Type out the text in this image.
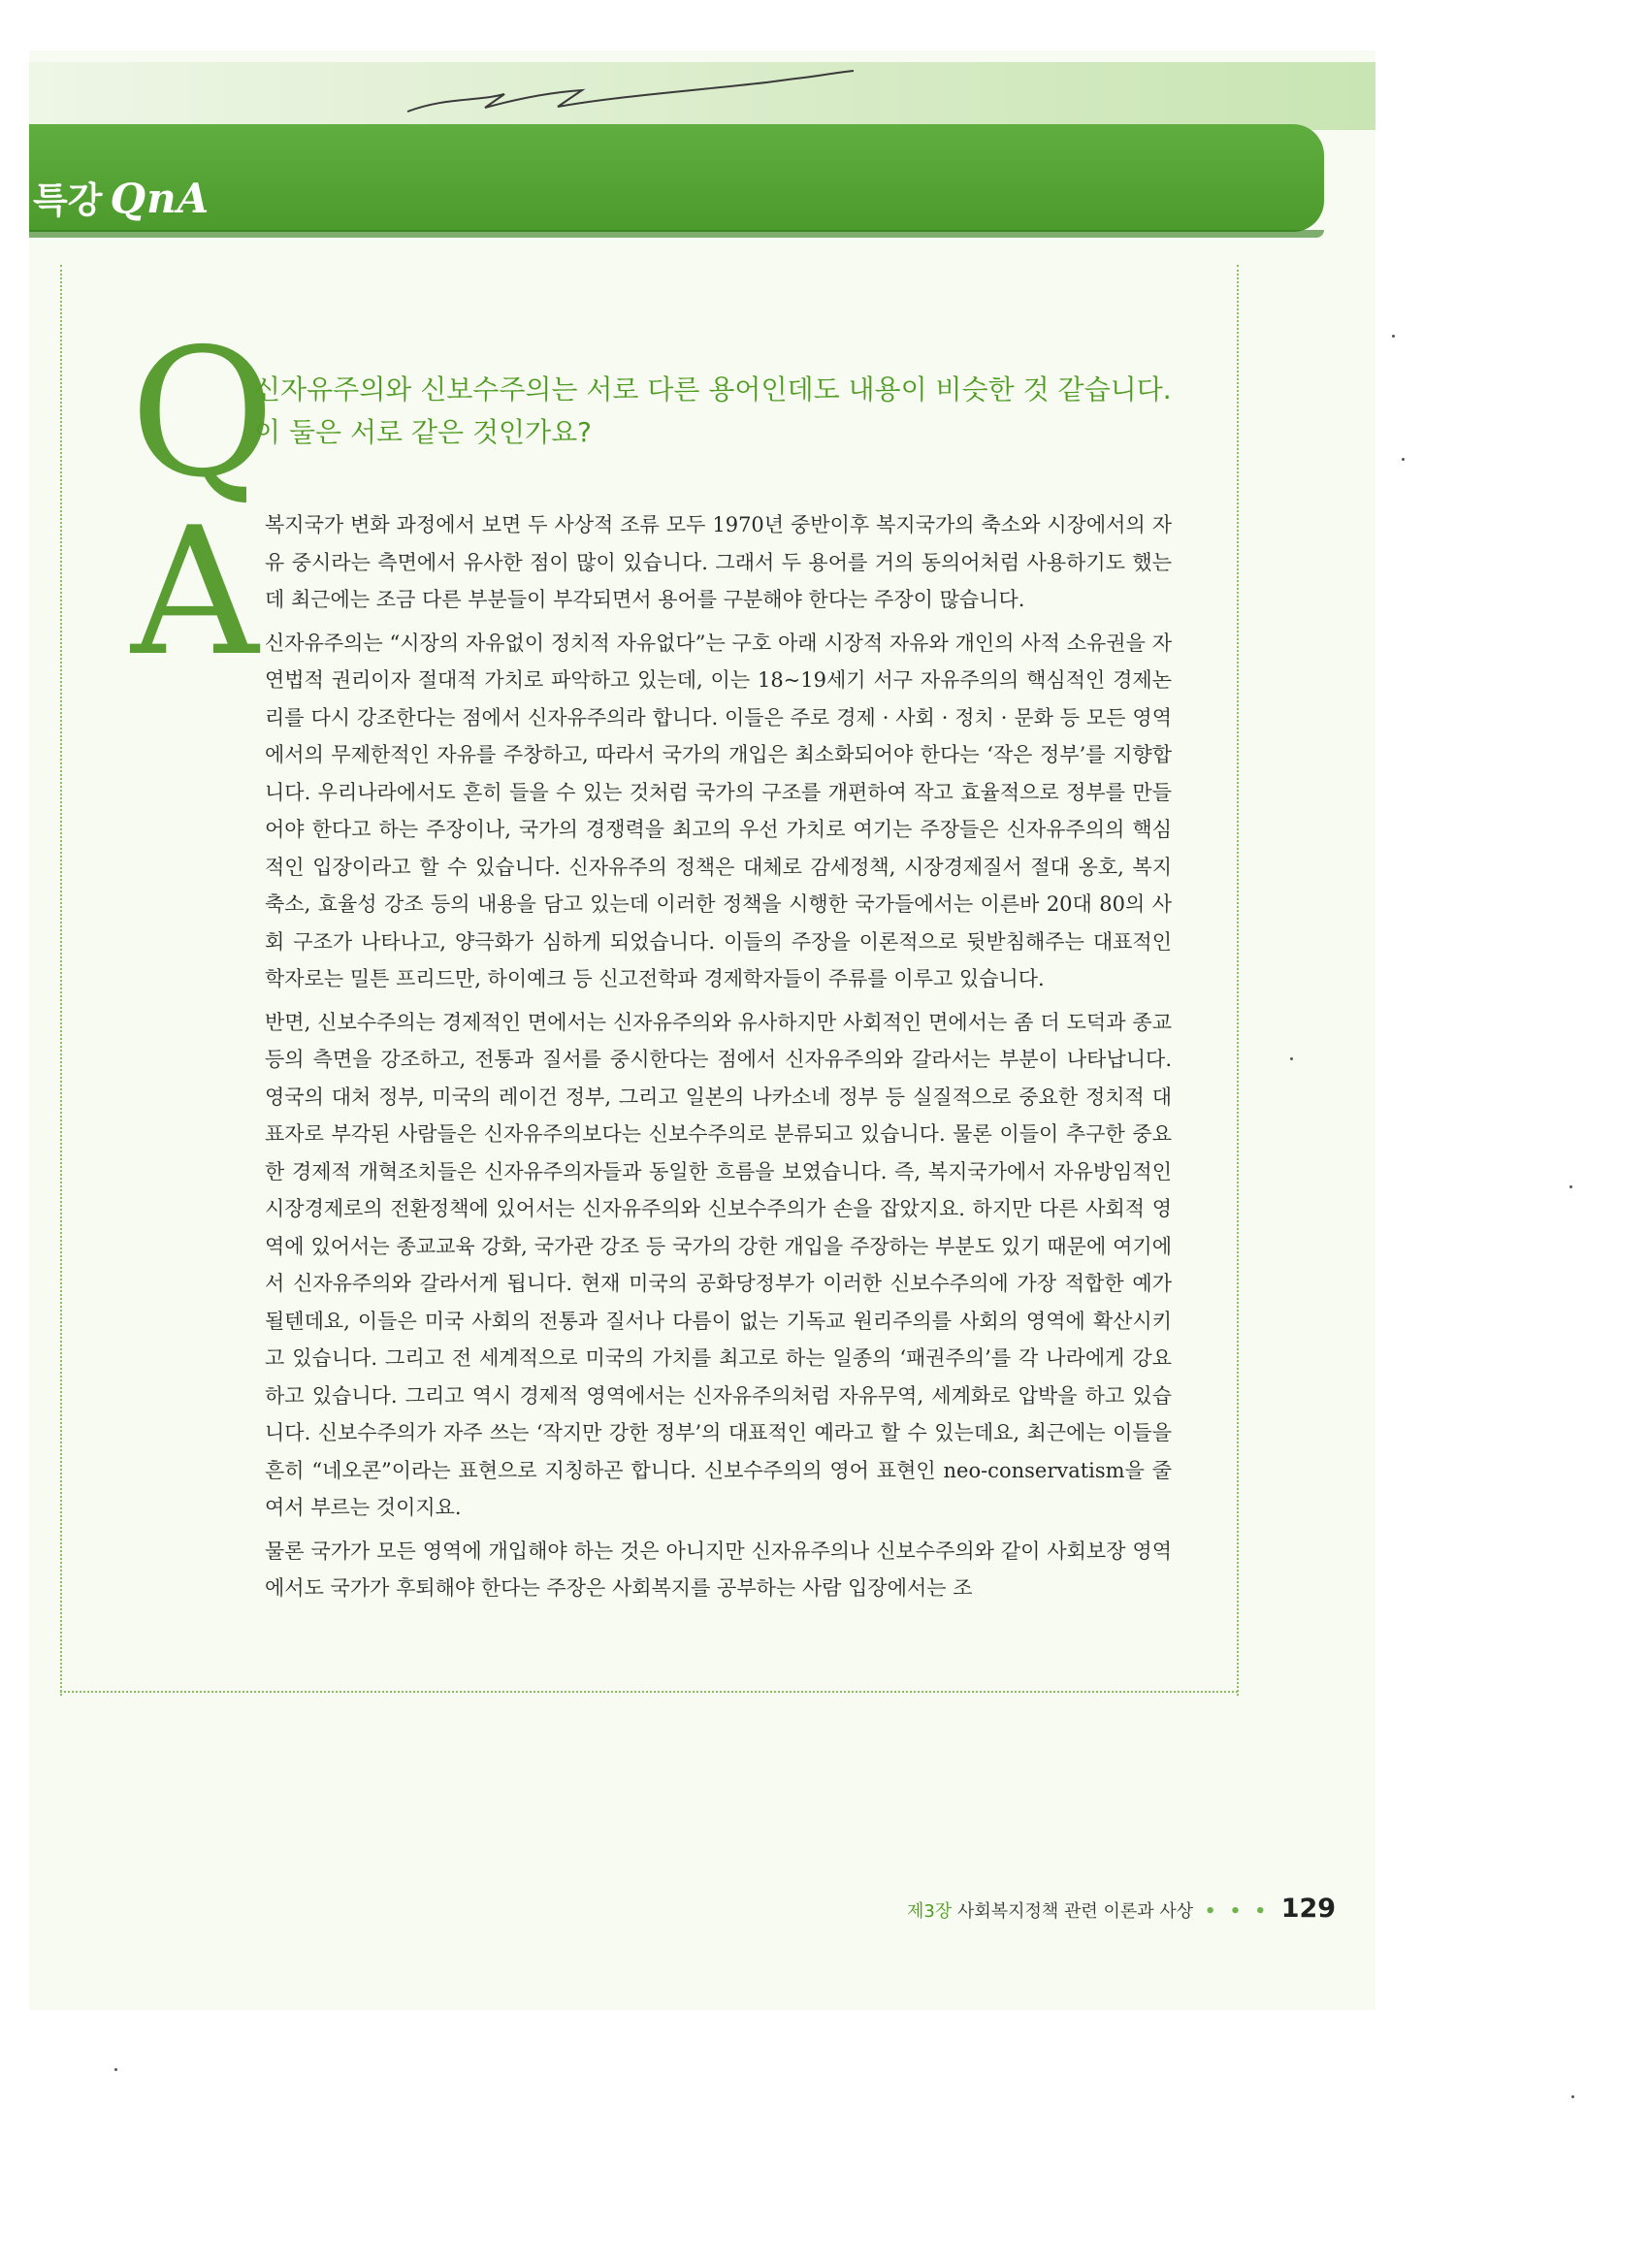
특강 QnA
Q
신자유주의와 신보수주의는 서로 다른 용어인데도 내용이 비슷한 것 같습니다. 이 둘은 서로 같은 것인가요?
A 복지국가 변화 과정에서 보면 두 사상적 조류 모두 1970년 중반이후 복지국가의 축소와 시장에서의 자유 중시라는 측면에서 유사한 점이 많이 있습니다. 그래서 두 용어를 거의 동의어처럼 사용하기도 했는데 최근에는 조금 다른 부분들이 부각되면서 용어를 구분해야 한다는 주장이 많습니다.

신자유주의는 “시장의 자유없이 정치적 자유없다”는 구호 아래 시장적 자유와 개인의 사적 소유권을 자연법적 권리이자 절대적 가치로 파악하고 있는데, 이는 18~19세기 서구 자유주의의 핵심적인 경제논리를 다시 강조한다는 점에서 신자유주의라 합니다. 이들은 주로 경제 · 사회 · 정치 · 문화 등 모든 영역에서의 무제한적인 자유를 주창하고, 따라서 국가의 개입은 최소화되어야 한다는 ‘작은 정부’를 지향합니다. 우리나라에서도 흔히 들을 수 있는 것처럼 국가의 구조를 개편하여 작고 효율적으로 정부를 만들어야 한다고 하는 주장이나, 국가의 경쟁력을 최고의 우선 가치로 여기는 주장들은 신자유주의의 핵심적인 입장이라고 할 수 있습니다. 신자유주의 정책은 대체로 감세정책, 시장경제질서 절대 옹호, 복지 축소, 효율성 강조 등의 내용을 담고 있는데 이러한 정책을 시행한 국가들에서는 이른바 20대 80의 사회 구조가 나타나고, 양극화가 심하게 되었습니다. 이들의 주장을 이론적으로 뒷받침해주는 대표적인 학자로는 밀튼 프리드만, 하이예크 등 신고전학파 경제학자들이 주류를 이루고 있습니다.

반면, 신보수주의는 경제적인 면에서는 신자유주의와 유사하지만 사회적인 면에서는 좀 더 도덕과 종교 등의 측면을 강조하고, 전통과 질서를 중시한다는 점에서 신자유주의와 갈라서는 부분이 나타납니다. 영국의 대처 정부, 미국의 레이건 정부, 그리고 일본의 나카소네 정부 등 실질적으로 중요한 정치적 대표자로 부각된 사람들은 신자유주의보다는 신보수주의로 분류되고 있습니다. 물론 이들이 추구한 중요한 경제적 개혁조치들은 신자유주의자들과 동일한 흐름을 보였습니다. 즉, 복지국가에서 자유방임적인 시장경제로의 전환정책에 있어서는 신자유주의와 신보수주의가 손을 잡았지요. 하지만 다른 사회적 영역에 있어서는 종교교육 강화, 국가관 강조 등 국가의 강한 개입을 주장하는 부분도 있기 때문에 여기에서 신자유주의와 갈라서게 됩니다. 현재 미국의 공화당정부가 이러한 신보수주의에 가장 적합한 예가 될텐데요, 이들은 미국 사회의 전통과 질서나 다름이 없는 기독교 원리주의를 사회의 영역에 확산시키고 있습니다. 그리고 전 세계적으로 미국의 가치를 최고로 하는 일종의 ‘패권주의’를 각 나라에게 강요하고 있습니다. 그리고 역시 경제적 영역에서는 신자유주의처럼 자유무역, 세계화로 압박을 하고 있습니다. 신보수주의가 자주 쓰는 ‘작지만 강한 정부’의 대표적인 예라고 할 수 있는데요, 최근에는 이들을 흔히 “네오콘”이라는 표현으로 지칭하곤 합니다. 신보수주의의 영어 표현인 neo-conservatism을 줄여서 부르는 것이지요.

물론 국가가 모든 영역에 개입해야 하는 것은 아니지만 신자유주의나 신보수주의와 같이 사회보장 영역에서도 국가가 후퇴해야 한다는 주장은 사회복지를 공부하는 사람 입장에서는 조

제3장 사회복지정책 관련 이론과 사상 • • • 129
